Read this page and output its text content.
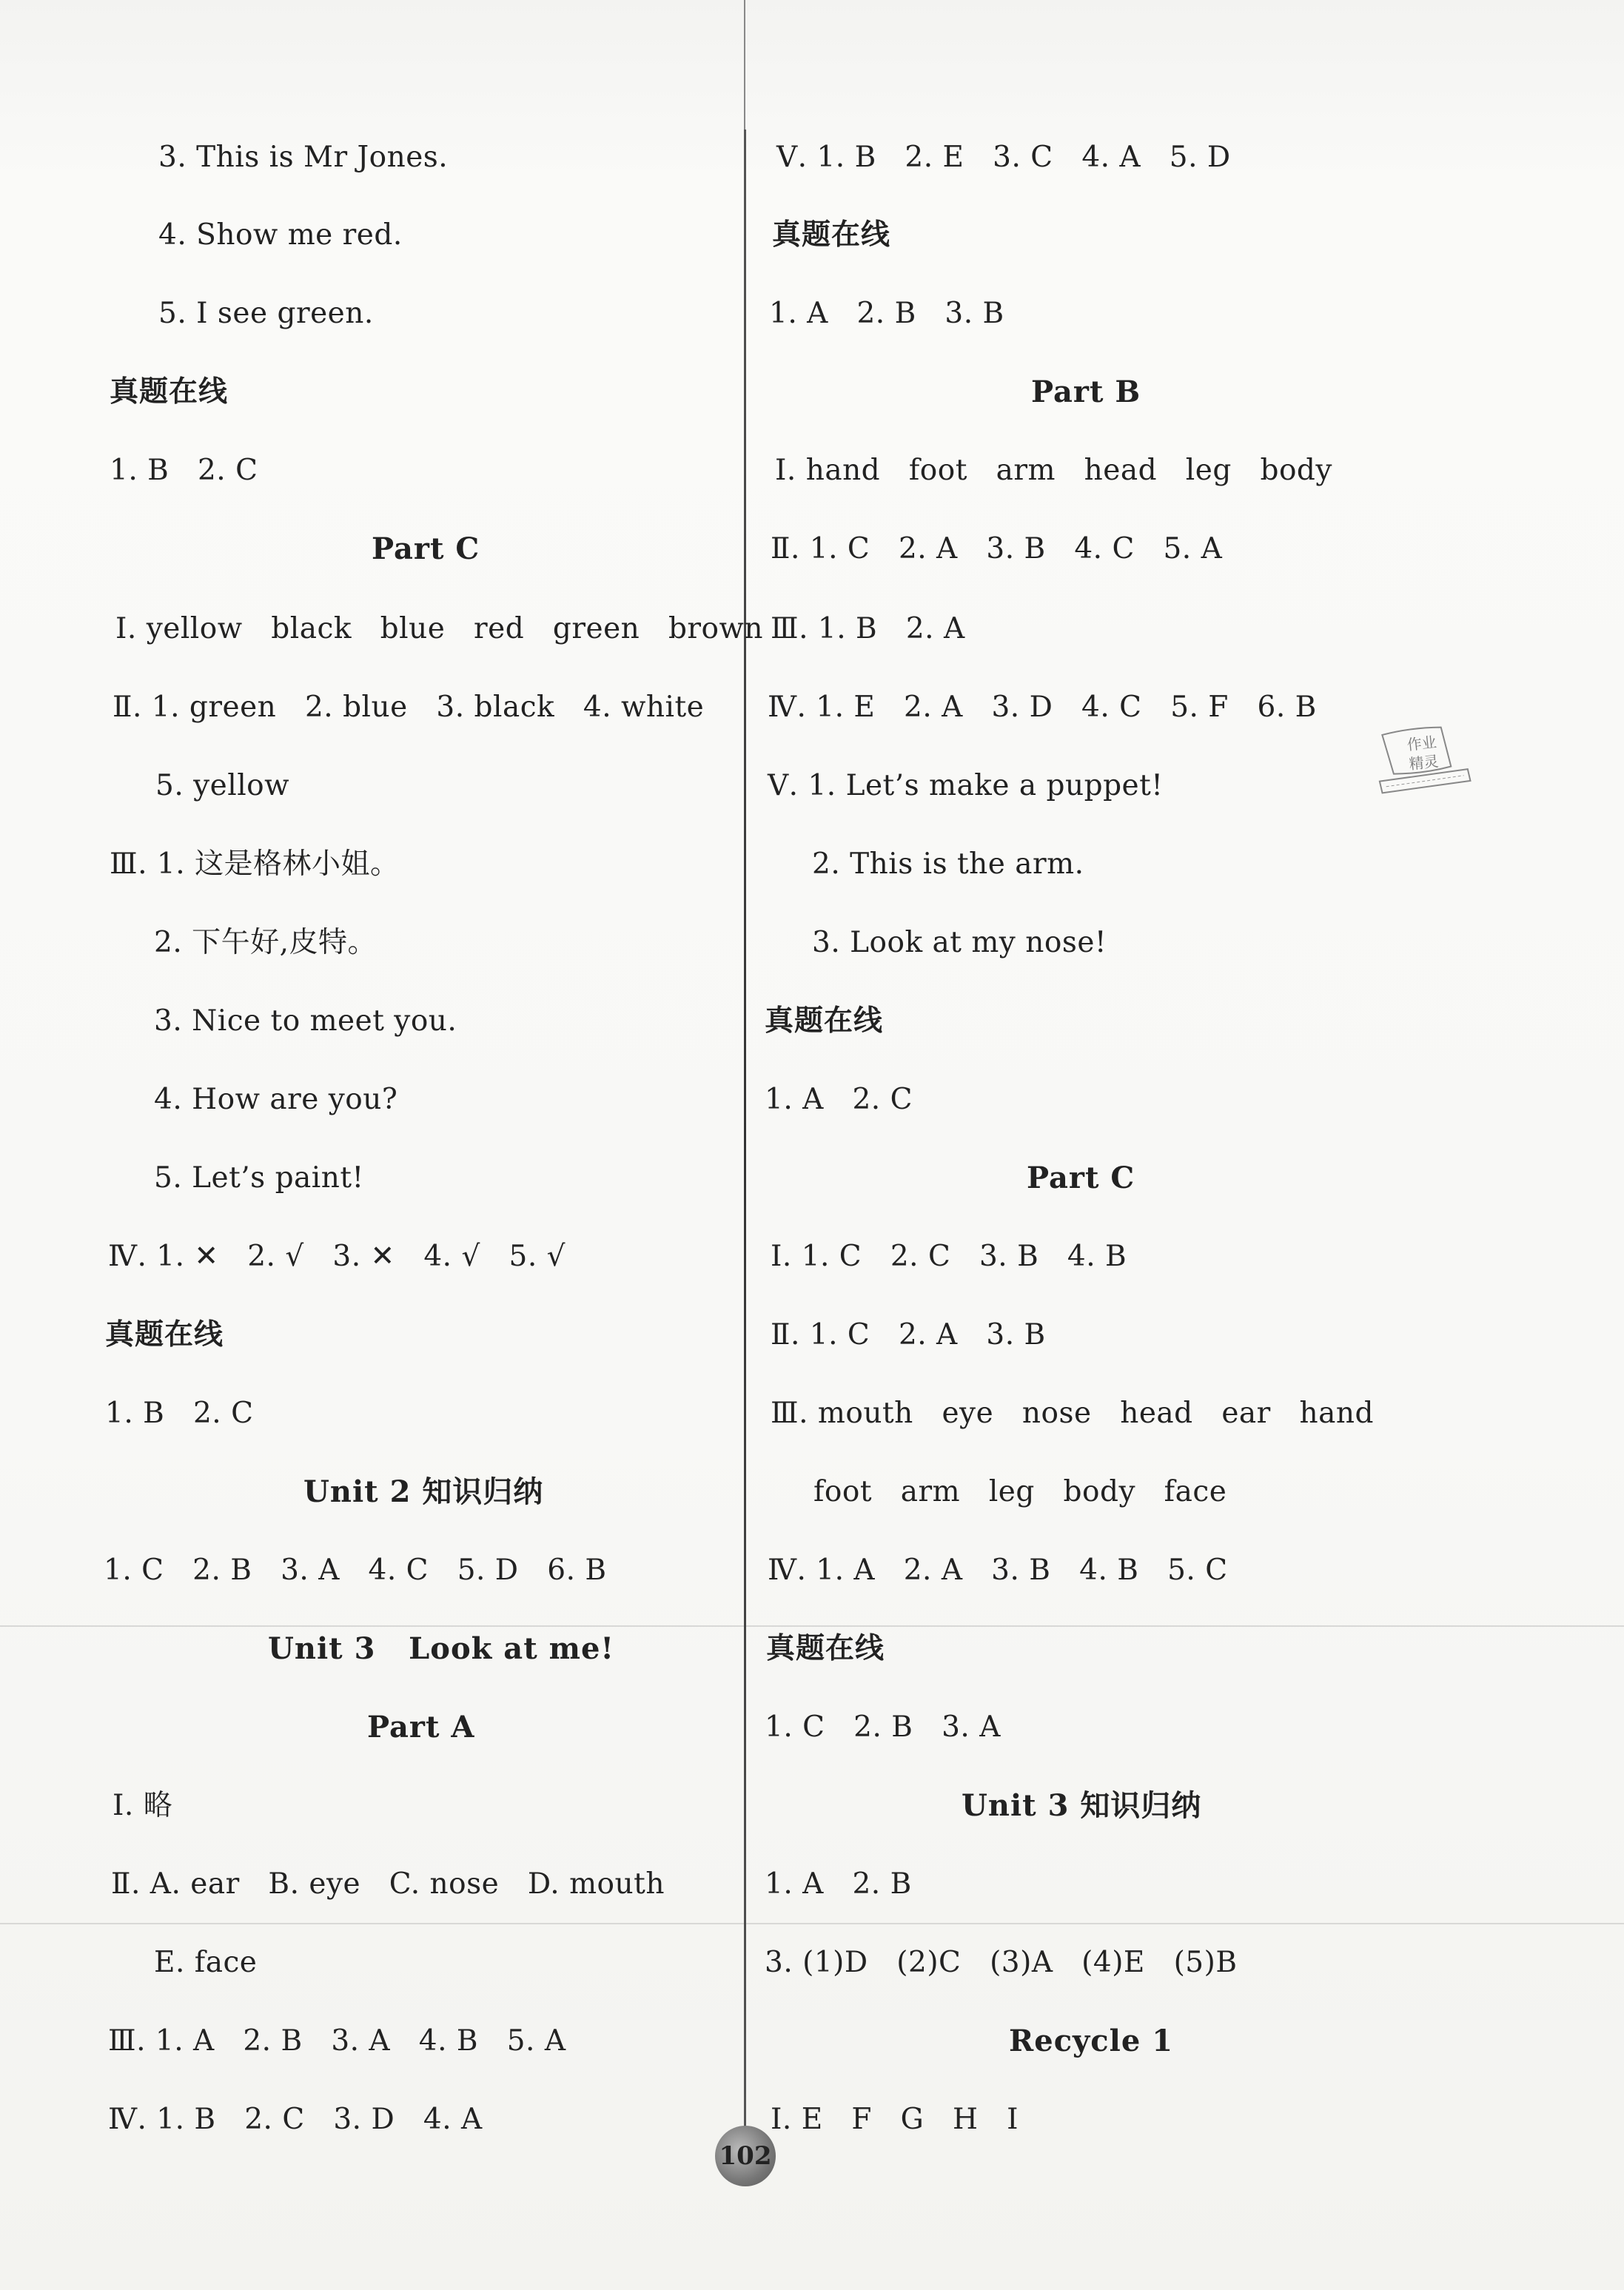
3. This is Mr Jones.
4. Show me red.
5. I see green.
真题在线
1. B   2. C
Part C
Ⅰ. yellow   black   blue   red   green   brown
Ⅱ. 1. green   2. blue   3. black   4. white
5. yellow
Ⅲ. 1. 这是格林小姐。
2. 下午好,皮特。
3. Nice to meet you.
4. How are you?
5. Let’s paint!
Ⅳ. 1. ✕   2. √   3. ✕   4. √   5. √
真题在线
1. B   2. C
Unit 2 知识归纳
1. C   2. B   3. A   4. C   5. D   6. B
Unit 3   Look at me!
Part A
Ⅰ. 略
Ⅱ. A. ear   B. eye   C. nose   D. mouth
E. face
Ⅲ. 1. A   2. B   3. A   4. B   5. A
Ⅳ. 1. B   2. C   3. D   4. A
Ⅴ. 1. B   2. E   3. C   4. A   5. D
真题在线
1. A   2. B   3. B
Part B
Ⅰ. hand   foot   arm   head   leg   body
Ⅱ. 1. C   2. A   3. B   4. C   5. A
Ⅲ. 1. B   2. A
Ⅳ. 1. E   2. A   3. D   4. C   5. F   6. B
Ⅴ. 1. Let’s make a puppet!
2. This is the arm.
3. Look at my nose!
真题在线
1. A   2. C
Part C
Ⅰ. 1. C   2. C   3. B   4. B
Ⅱ. 1. C   2. A   3. B
Ⅲ. mouth   eye   nose   head   ear   hand
foot   arm   leg   body   face
Ⅳ. 1. A   2. A   3. B   4. B   5. C
真题在线
1. C   2. B   3. A
Unit 3 知识归纳
1. A   2. B
3. (1)D   (2)C   (3)A   (4)E   (5)B
Recycle 1
Ⅰ. E   F   G   H   I
作业
精灵
102
